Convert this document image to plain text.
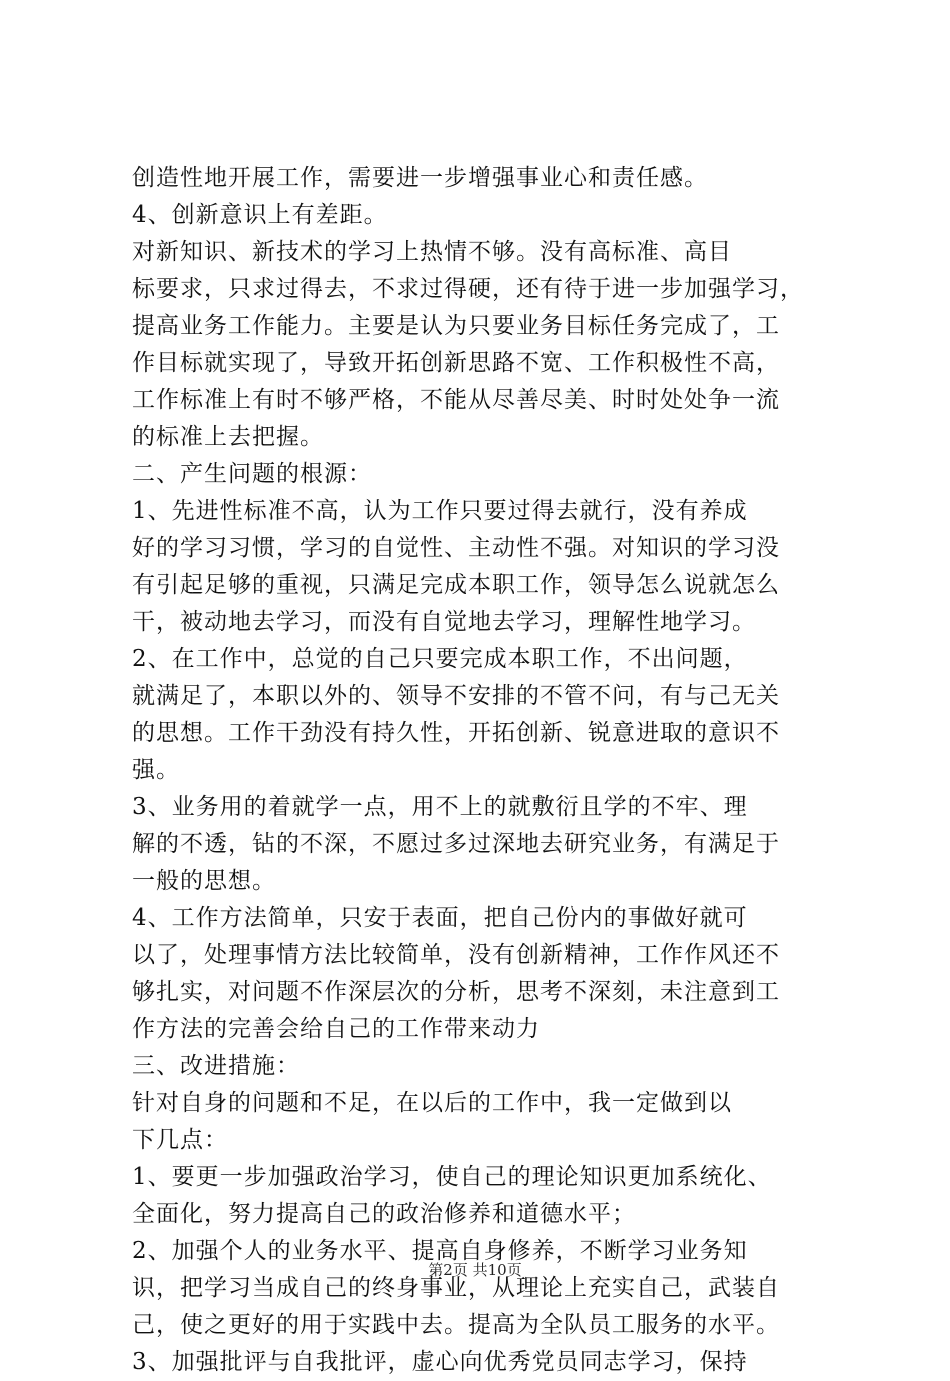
创造性地开展工作，需要进一步增强事业心和责任感。
4、创新意识上有差距。
对新知识、新技术的学习上热情不够。没有高标准、高目
标要求，只求过得去，不求过得硬，还有待于进一步加强学习，
提高业务工作能力。主要是认为只要业务目标任务完成了，工
作目标就实现了，导致开拓创新思路不宽、工作积极性不高，
工作标准上有时不够严格，不能从尽善尽美、时时处处争一流
的标准上去把握。
二、产生问题的根源：
1、先进性标准不高，认为工作只要过得去就行，没有养成
好的学习习惯，学习的自觉性、主动性不强。对知识的学习没
有引起足够的重视，只满足完成本职工作，领导怎么说就怎么
干，被动地去学习，而没有自觉地去学习，理解性地学习。
2、在工作中，总觉的自己只要完成本职工作，不出问题，
就满足了，本职以外的、领导不安排的不管不问，有与己无关
的思想。工作干劲没有持久性，开拓创新、锐意进取的意识不
强。
3、业务用的着就学一点，用不上的就敷衍且学的不牢、理
解的不透，钻的不深，不愿过多过深地去研究业务，有满足于
一般的思想。
4、工作方法简单，只安于表面，把自己份内的事做好就可
以了，处理事情方法比较简单，没有创新精神，工作作风还不
够扎实，对问题不作深层次的分析，思考不深刻，未注意到工
作方法的完善会给自己的工作带来动力
三、改进措施：
针对自身的问题和不足，在以后的工作中，我一定做到以
下几点：
1、要更一步加强政治学习，使自己的理论知识更加系统化、
全面化，努力提高自己的政治修养和道德水平；
2、加强个人的业务水平、提高自身修养，不断学习业务知
识，把学习当成自己的终身事业，从理论上充实自己，武装自
己，使之更好的用于实践中去。提高为全队员工服务的水平。
3、加强批评与自我批评，虚心向优秀党员同志学习，保持
第2页 共10页
